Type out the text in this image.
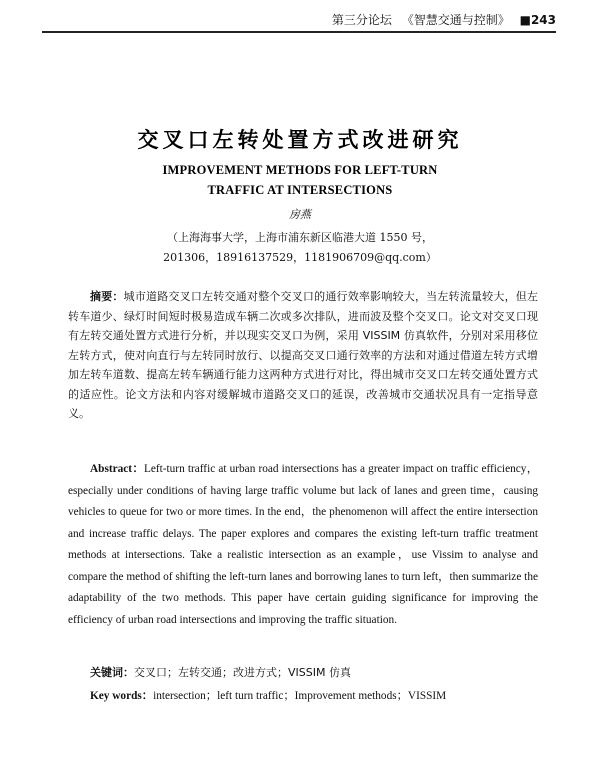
第三分论坛 《智慧交通与控制》 ■243
交叉口左转处置方式改进研究
IMPROVEMENT METHODS FOR LEFT-TURN
TRAFFIC AT INTERSECTIONS
房燕
（上海海事大学，上海市浦东新区临港大道 1550 号，
201306，18916137529，1181906709@qq.com）

摘要：城市道路交叉口左转交通对整个交叉口的通行效率影响较大，当左转流量较大，但左转车道少、绿灯时间短时极易造成车辆二次或多次排队，进而波及整个交叉口。论文对交叉口现有左转交通处置方式进行分析，并以现实交叉口为例，采用 VISSIM 仿真软件，分别对采用移位左转方式，使对向直行与左转同时放行、以提高交叉口通行效率的方法和对通过借道左转方式增加左转车道数、提高左转车辆通行能力这两种方式进行对比，得出城市交叉口左转交通处置方式的适应性。论文方法和内容对缓解城市道路交叉口的延误，改善城市交通状况具有一定指导意义。

Abstract：Left-turn traffic at urban road intersections has a greater impact on traffic efficiency，especially under conditions of having large traffic volume but lack of lanes and green time，causing vehicles to queue for two or more times. In the end，the phenomenon will affect the entire intersection and increase traffic delays. The paper explores and compares the existing left-turn traffic treatment methods at intersections. Take a realistic intersection as an example，use Vissim to analyse and compare the method of shifting the left-turn lanes and borrowing lanes to turn left，then summarize the adaptability of the two methods. This paper have certain guiding significance for improving the efficiency of urban road intersections and improving the traffic situation.

关键词：交叉口；左转交通；改进方式；VISSIM 仿真
Key words：intersection；left turn traffic；Improvement methods；VISSIM
